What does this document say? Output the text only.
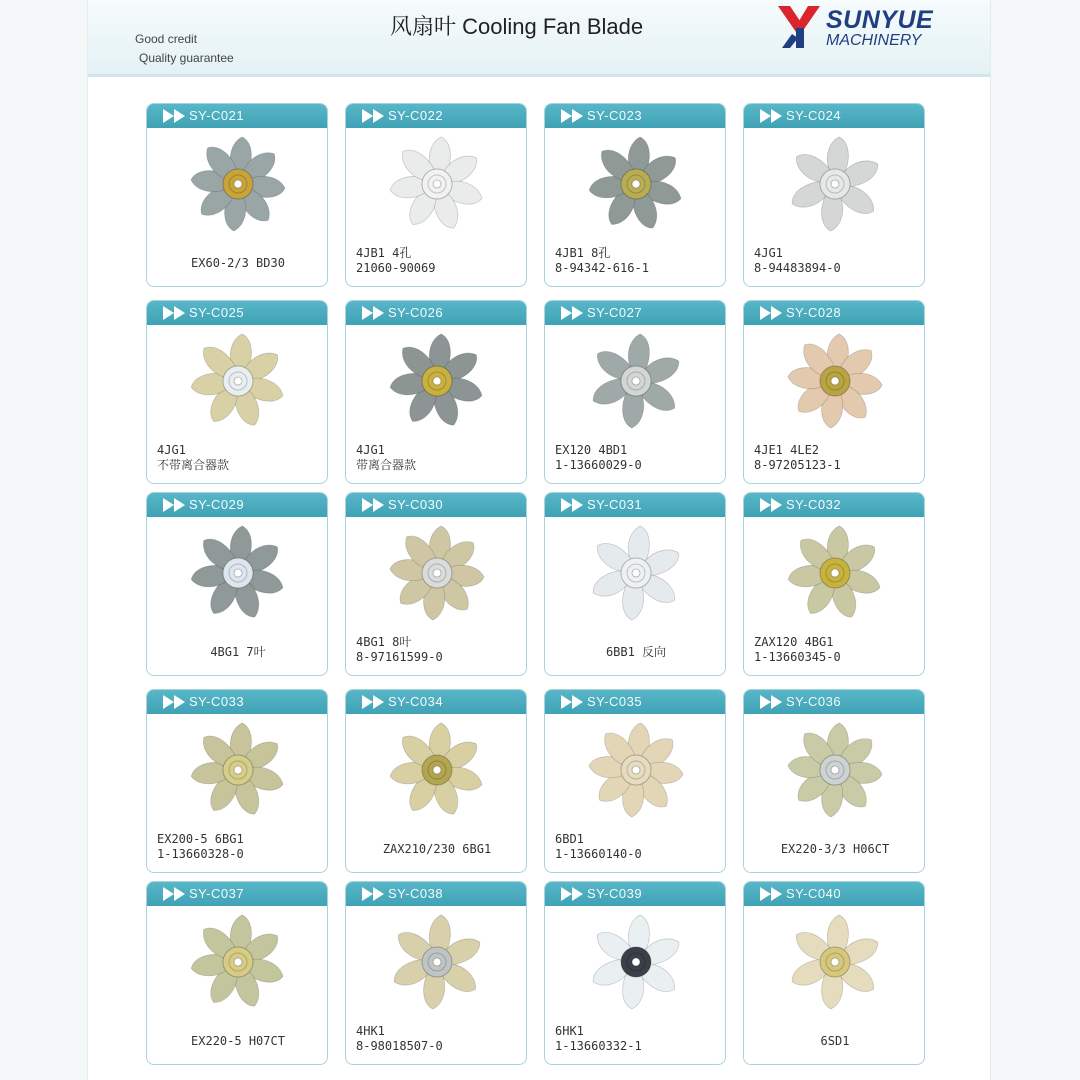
Good credit
Quality guarantee
风扇叶 Cooling Fan Blade	SUNYUE
MACHINERY
SY-C021
EX60-2/3 BD30
SY-C022
4JB1 4孔
21060-90069
SY-C023
4JB1 8孔
8-94342-616-1
SY-C024
4JG1
8-94483894-0
SY-C025
4JG1
不带离合器款
SY-C026
4JG1
带离合器款
SY-C027
EX120 4BD1
1-13660029-0
SY-C028
4JE1 4LE2
8-97205123-1
SY-C029
4BG1 7叶
SY-C030
4BG1 8叶
8-97161599-0
SY-C031
6BB1 反向
SY-C032
ZAX120 4BG1
1-13660345-0
SY-C033
EX200-5 6BG1
1-13660328-0
SY-C034
ZAX210/230 6BG1
SY-C035
6BD1
1-13660140-0
SY-C036
EX220-3/3 H06CT
SY-C037
EX220-5 H07CT
SY-C038
4HK1
8-98018507-0
SY-C039
6HK1
1-13660332-1
SY-C040
6SD1
